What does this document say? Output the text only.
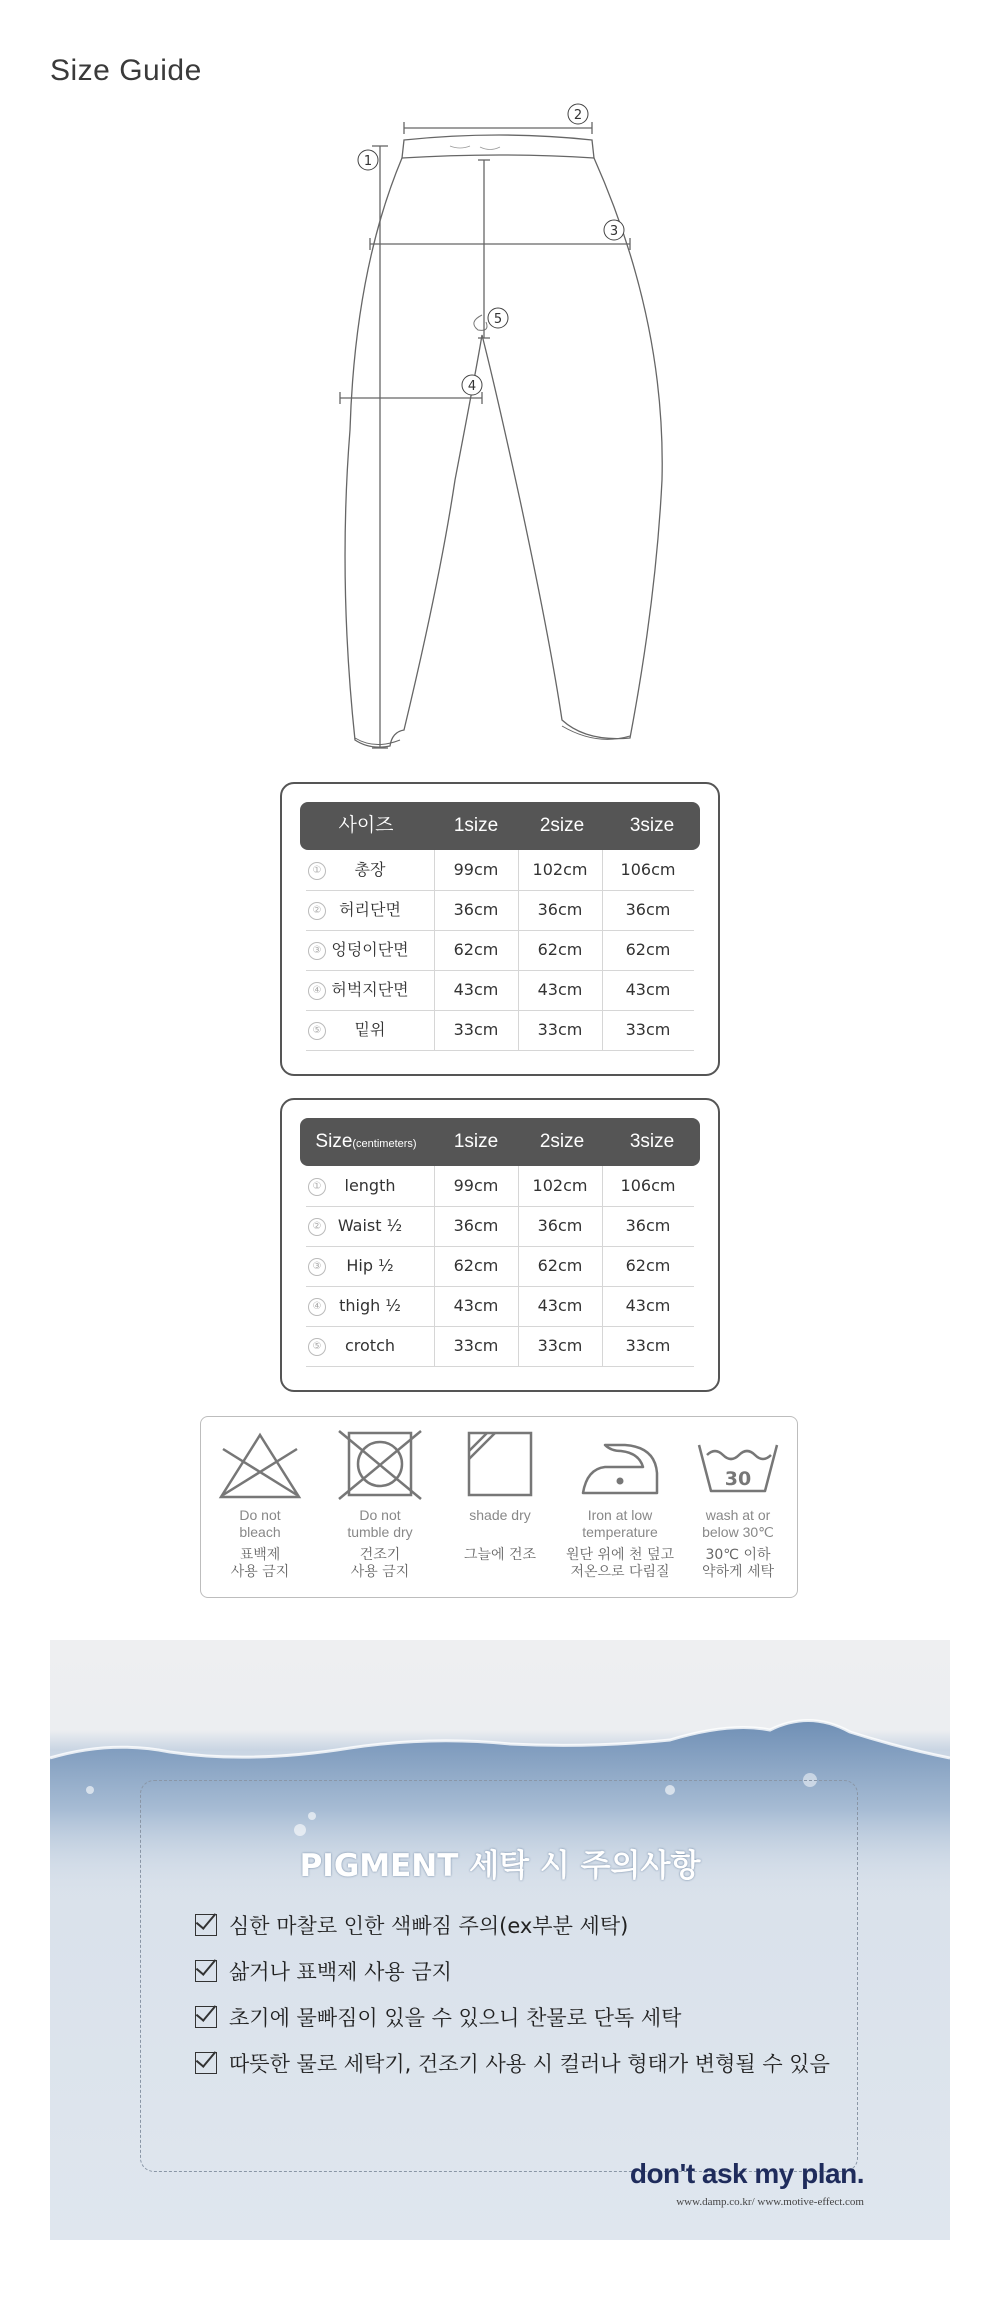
Size Guide
1
2
3
4
5
사이즈	1size	2size	3size
①	총장	99cm	102cm	106cm
②	허리단면	36cm	36cm	36cm
③ 엉덩이단면	62cm	62cm	62cm
④ 허벅지단면	43cm	43cm	43cm
⑤	밑위	33cm	33cm	33cm
Size(centimeters)	1size	2size	3size
①	length	99cm	102cm	106cm
②	Waist ½	36cm	36cm	36cm
③	Hip ½	62cm	62cm	62cm
④	thigh ½	43cm	43cm	43cm
⑤	crotch	33cm	33cm	33cm
Do not
bleach
표백제
사용 금지
Do not
tumble dry
건조기
사용 금지
shade dry
그늘에 건조
Iron at low
temperature
원단 위에 천 덮고
저온으로 다림질
30
wash at or
below 30℃
30℃ 이하
약하게 세탁
PIGMENT 세탁 시 주의사항
심한 마찰로 인한 색빠짐 주의(ex부분 세탁)
삶거나 표백제 사용 금지
초기에 물빠짐이 있을 수 있으니 찬물로 단독 세탁
따뜻한 물로 세탁기, 건조기 사용 시 컬러나 형태가 변형될 수 있음
don't ask my plan.
www.damp.co.kr/ www.motive-effect.com
